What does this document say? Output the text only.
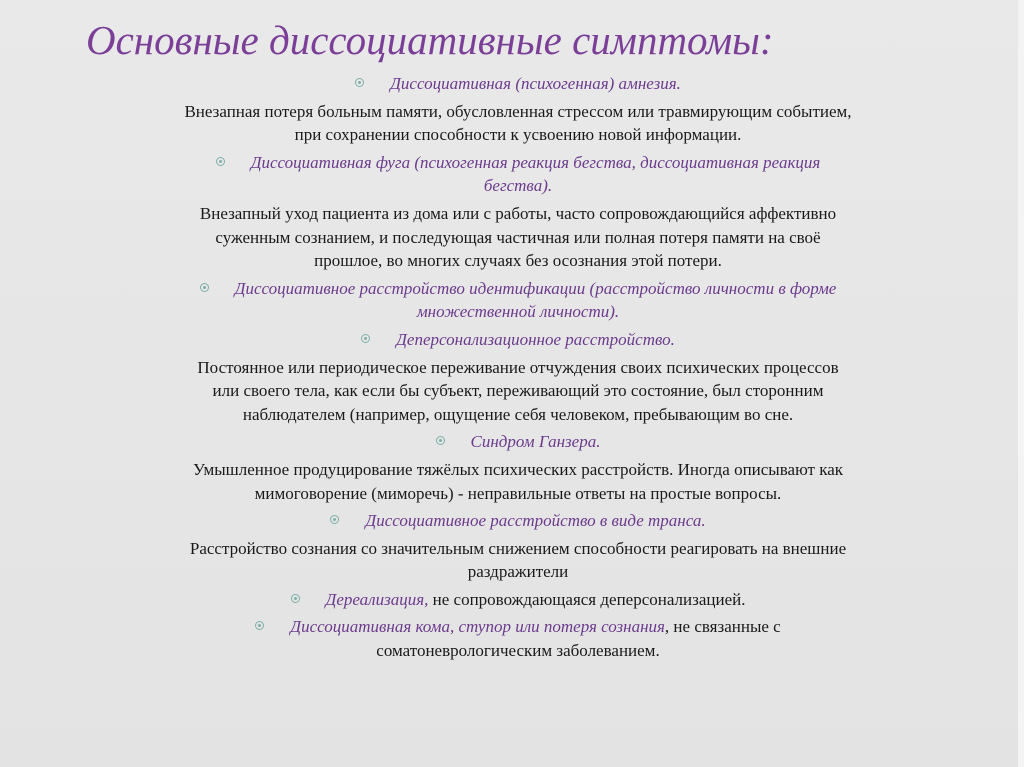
Основные диссоциативные симптомы:
Диссоциативная (психогенная) амнезия.
Внезапная потеря больным памяти, обусловленная стрессом или травмирующим событием,
при сохранении способности к усвоению новой информации.
Диссоциативная фуга (психогенная реакция бегства, диссоциативная реакция
бегства).
Внезапный уход пациента из дома или с работы, часто сопровождающийся аффективно
суженным сознанием, и последующая частичная или полная потеря памяти на своё
прошлое, во многих случаях без осознания этой потери.
Диссоциативное расстройство идентификации (расстройство личности в форме
множественной личности).
Деперсонализационное расстройство.
Постоянное или периодическое переживание отчуждения своих психических процессов
или своего тела, как если бы субъект, переживающий это состояние, был сторонним
наблюдателем (например, ощущение себя человеком, пребывающим во сне.
Синдром Ганзера.
Умышленное продуцирование тяжёлых психических расстройств. Иногда описывают как
мимоговорение (миморечь) - неправильные ответы на простые вопросы.
Диссоциативное расстройство в виде транса.
Расстройство сознания со значительным снижением способности реагировать на внешние
раздражители
Дереализация, не сопровождающаяся деперсонализацией.
Диссоциативная кома, ступор или потеря сознания, не связанные с
соматоневрологическим заболеванием.
